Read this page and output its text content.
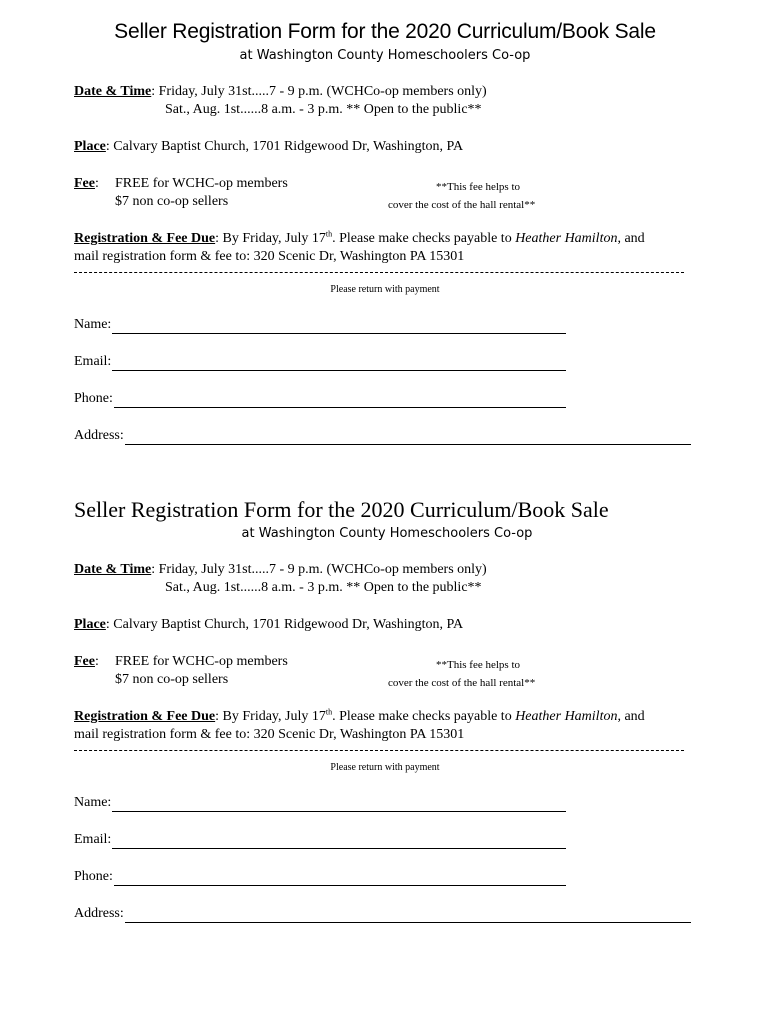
Seller Registration Form for the 2020 Curriculum/Book Sale
at Washington County Homeschoolers Co-op
Date & Time: Friday, July 31st.....7 - 9 p.m. (WCHCo-op members only)
Sat., Aug. 1st......8 a.m. - 3 p.m. ** Open to the public**
Place: Calvary Baptist Church, 1701 Ridgewood Dr, Washington, PA
Fee: FREE for WCHC-op members
$7 non co-op sellers
**This fee helps to
cover the cost of the hall rental**
Registration & Fee Due: By Friday, July 17th. Please make checks payable to Heather Hamilton, and
mail registration form & fee to: 320 Scenic Dr, Washington PA 15301
Please return with payment
Name:
Email:
Phone:
Address:
Seller Registration Form for the 2020 Curriculum/Book Sale
at Washington County Homeschoolers Co-op
Date & Time: Friday, July 31st.....7 - 9 p.m. (WCHCo-op members only)
Sat., Aug. 1st......8 a.m. - 3 p.m. ** Open to the public**
Place: Calvary Baptist Church, 1701 Ridgewood Dr, Washington, PA
Fee: FREE for WCHC-op members
$7 non co-op sellers
**This fee helps to
cover the cost of the hall rental**
Registration & Fee Due: By Friday, July 17th. Please make checks payable to Heather Hamilton, and
mail registration form & fee to: 320 Scenic Dr, Washington PA 15301
Please return with payment
Name:
Email:
Phone:
Address:
